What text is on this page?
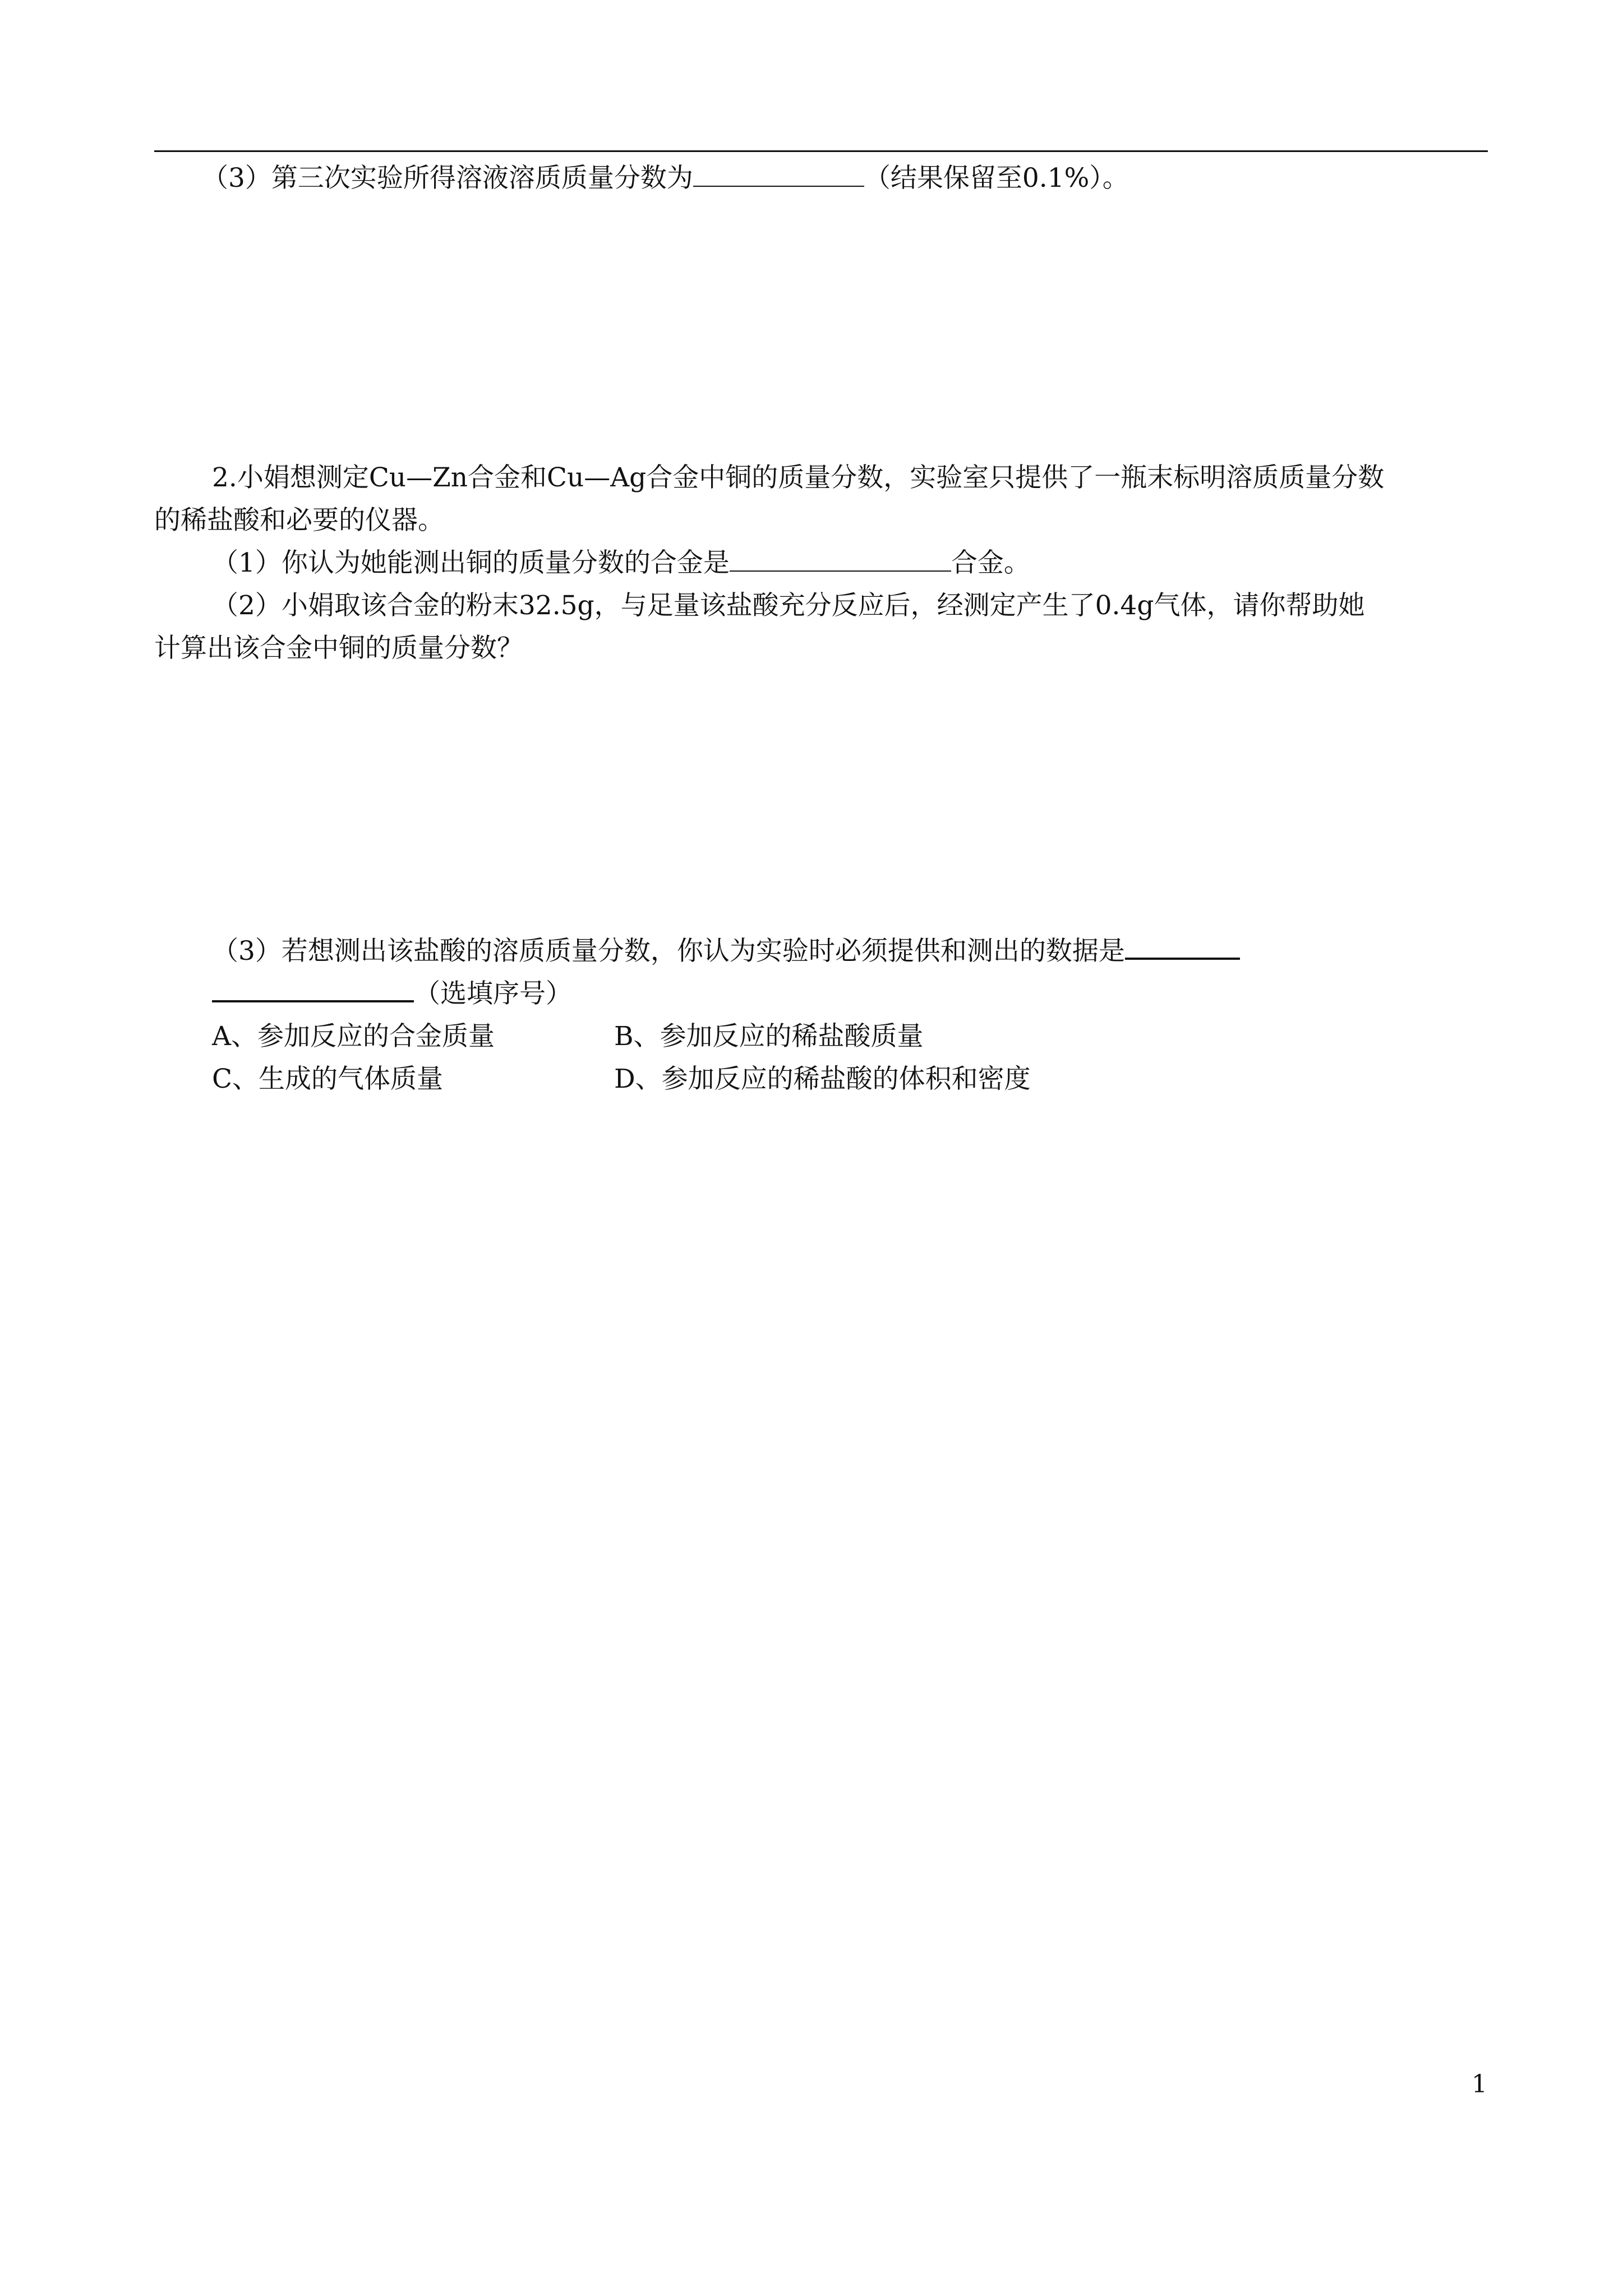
（3）第三次实验所得溶液溶质质量分数为	（结果保留至0.1%）。
2.小娟想测定Cu—Zn合金和Cu—Ag合金中铜的质量分数，实验室只提供了一瓶末标明溶质质量分数
的稀盐酸和必要的仪器。
（1）你认为她能测出铜的质量分数的合金是	合金。
（2）小娟取该合金的粉末32.5g，与足量该盐酸充分反应后，经测定产生了0.4g气体，请你帮助她
计算出该合金中铜的质量分数？
（3）若想测出该盐酸的溶质质量分数，你认为实验时必须提供和测出的数据是
（选填序号）
A、参加反应的合金质量	B、参加反应的稀盐酸质量
C、生成的气体质量	D、参加反应的稀盐酸的体积和密度
1
